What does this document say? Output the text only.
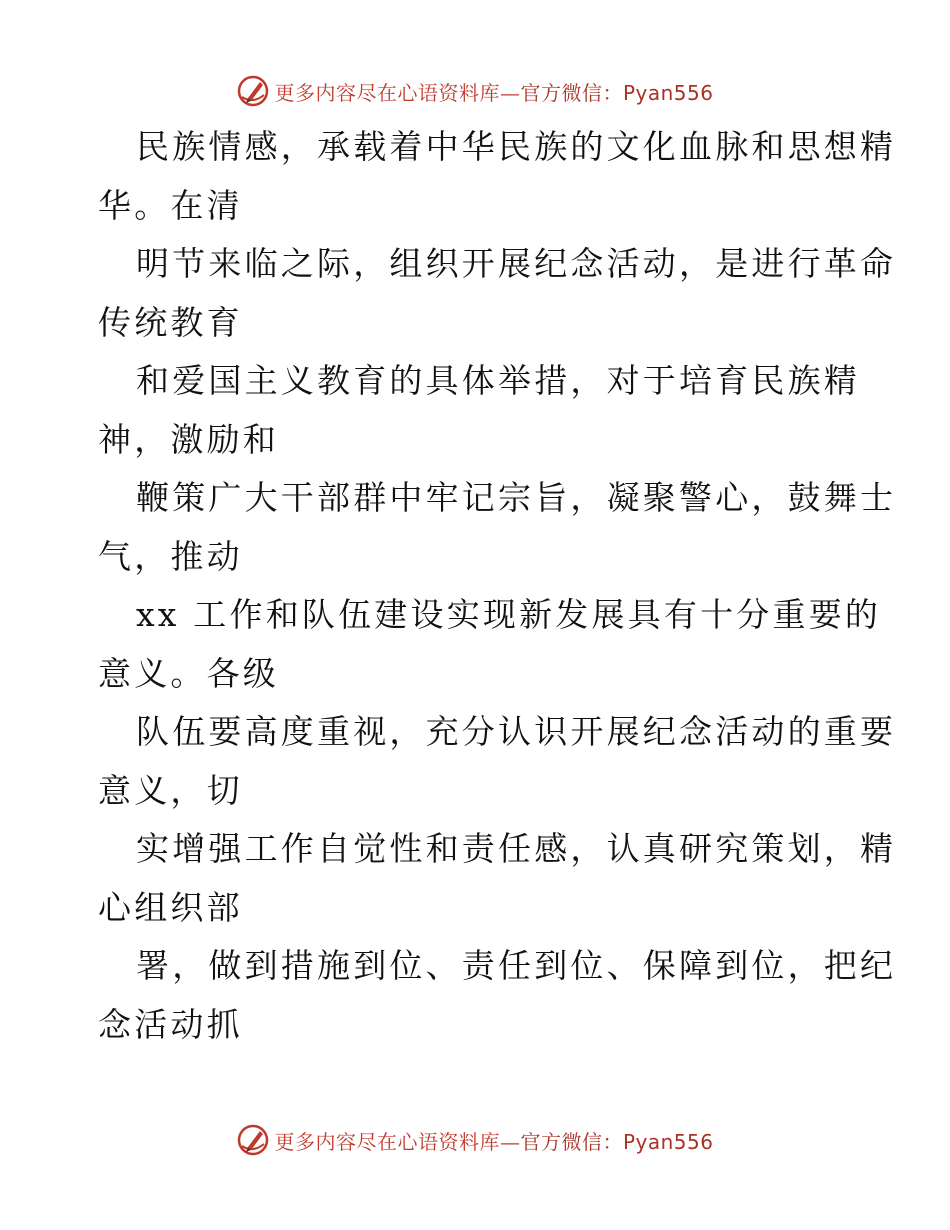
更多内容尽在心语资料库—官方微信：Pyan556
民族情感，承载着中华民族的文化血脉和思想精
华。在清
明节来临之际，组织开展纪念活动，是进行革命
传统教育
和爱国主义教育的具体举措，对于培育民族精
神，激励和
鞭策广大干部群中牢记宗旨，凝聚警心，鼓舞士
气，推动
xx 工作和队伍建设实现新发展具有十分重要的
意义。各级
队伍要高度重视，充分认识开展纪念活动的重要
意义，切
实增强工作自觉性和责任感，认真研究策划，精
心组织部
署，做到措施到位、责任到位、保障到位，把纪
念活动抓
更多内容尽在心语资料库—官方微信：Pyan556
